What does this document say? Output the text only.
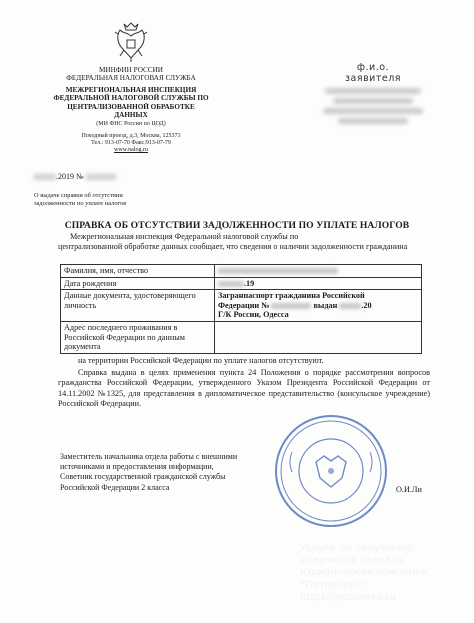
МИНФИН РОССИИ
ФЕДЕРАЛЬНАЯ НАЛОГОВАЯ СЛУЖБА
МЕЖРЕГИОНАЛЬНАЯ ИНСПЕКЦИЯ
ФЕДЕРАЛЬНОЙ НАЛОГОВОЙ СЛУЖБЫ ПО
ЦЕНТРАЛИЗОВАННОЙ ОБРАБОТКЕ
ДАННЫХ
(МИ ФНС России по ЦОД)
Походный проезд, д.3, Москва, 125373
Тел.: 913-07-70 Факс:913-07-79
www.nalog.ru
ф.и.о.
заявителя
.2019 №
О выдаче справки об отсутствии задолженности по уплате налогов
СПРАВКА ОБ ОТСУТСТВИИ ЗАДОЛЖЕННОСТИ ПО УПЛАТЕ НАЛОГОВ
Межрегиональная инспекция Федеральной налоговой службы по
централизованной обработке данных сообщает, что сведения о наличии задолженности гражданина
Фамилия, имя, отчество	
Дата рождения	.19
Данные документа, удостоверяющего личность	Загранпаспорт гражданина Российской
Федерации № выдан .20
Г/К России, Одесса

Адрес последнего проживания в Российской Федерации по данным документа	
на территории Российской Федерации по уплате налогов отсутствуют.
Справка выдана в целях применения пункта 24 Положения о порядке рассмотрения вопросов гражданства Российской Федерации, утвержденного Указом Президента Российской Федерации от 14.11.2002 №1325, для представления в дипломатическое представительство (консульское учреждение) Российской Федерации.
Заместитель начальника отдела работы с внешними
источниками и предоставления информации,
Советник государственной гражданской службы
Российской Федерации 2 класса	О.И.Ли
Услуги по получению
документа оказала
Юридическая компания
“Петролекс”
https://petroleks.ru
